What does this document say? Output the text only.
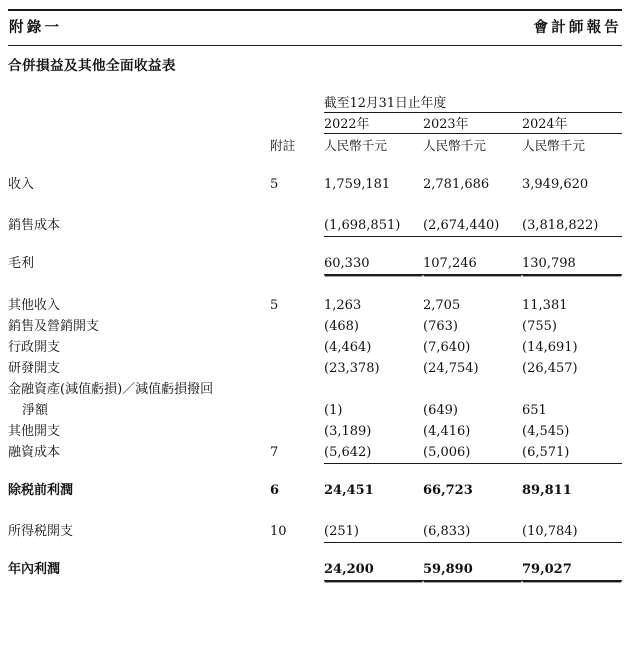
附錄一	會計師報告
合併損益及其他全面收益表
		截至12月31日止年度		

		2022年	2023年	2024年

	附註	人民幣千元	人民幣千元	人民幣千元

收入	5	1,759,181	2,781,686	3,949,620

銷售成本		(1,698,851)	(2,674,440)	(3,818,822)

毛利		60,330	107,246	130,798

其他收入	5	1,263	2,705	11,381
銷售及營銷開支		(468)	(763)	(755)
行政開支		(4,464)	(7,640)	(14,691)
研發開支		(23,378)	(24,754)	(26,457)
金融資產(減值虧損)／減值虧損撥回				
淨額		(1)	(649)	651
其他開支		(3,189)	(4,416)	(4,545)
融資成本	7	(5,642)	(5,006)	(6,571)

除税前利潤	6	24,451	66,723	89,811

所得税開支	10	(251)	(6,833)	(10,784)

年內利潤		24,200	59,890	79,027
